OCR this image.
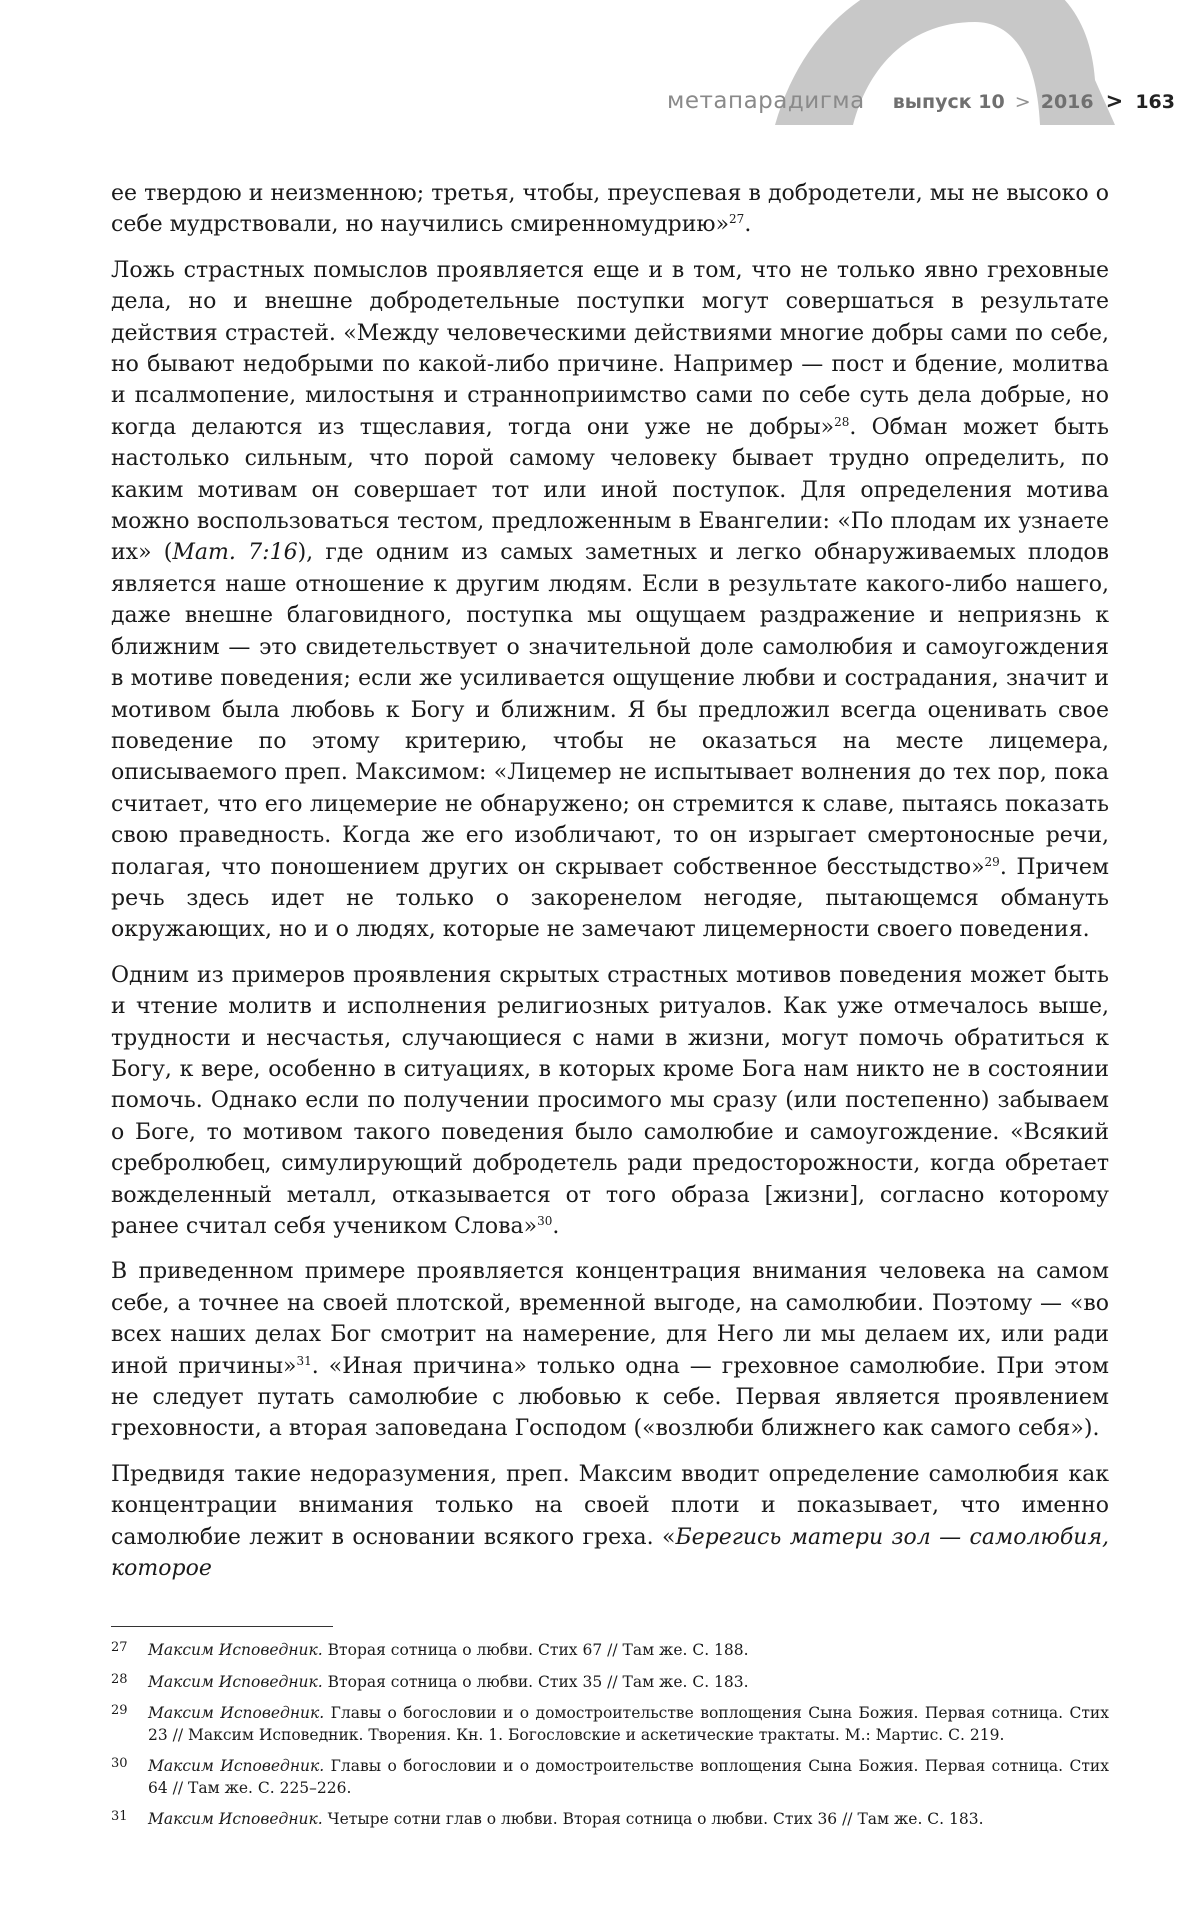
метапарадигма выпуск 10 > 2016 > 163

ее твердою и неизменною; третья, чтобы, преуспевая в добродетели, мы не высоко о себе мудрствовали, но научились смиренномудрию»$^{27}$.

Ложь страстных помыслов проявляется еще и в том, что не только явно греховные дела, но и внешне добродетельные поступки могут совершаться в результате действия страстей. «Между человеческими действиями многие добры сами по себе, но бывают недобрыми по какой-либо причине. Например — пост и бдение, молитва и псалмопение, милостыня и странноприимство сами по себе суть дела добрые, но когда делаются из тщеславия, тогда они уже не добры»$^{28}$. Обман может быть настолько сильным, что порой самому человеку бывает трудно определить, по каким мотивам он совершает тот или иной поступок. Для определения мотива можно воспользоваться тестом, предложенным в Евангелии: «По плодам их узнаете их» (Мат. 7:16), где одним из самых заметных и легко обнаруживаемых плодов является наше отношение к другим людям. Если в результате какого-либо нашего, даже внешне благовидного, поступка мы ощущаем раздражение и неприязнь к ближним — это свидетельствует о значительной доле самолюбия и самоугождения в мотиве поведения; если же усиливается ощущение любви и сострадания, значит и мотивом была любовь к Богу и ближним. Я бы предложил всегда оценивать свое поведение по этому критерию, чтобы не оказаться на месте лицемера, описываемого преп. Максимом: «Лицемер не испытывает волнения до тех пор, пока считает, что его лицемерие не обнаружено; он стремится к славе, пытаясь показать свою праведность. Когда же его изобличают, то он изрыгает смертоносные речи, полагая, что поношением других он скрывает собственное бесстыдство»$^{29}$. Причем речь здесь идет не только о закоренелом негодяе, пытающемся обмануть окружающих, но и о людях, которые не замечают лицемерности своего поведения.

Одним из примеров проявления скрытых страстных мотивов поведения может быть и чтение молитв и исполнения религиозных ритуалов. Как уже отмечалось выше, трудности и несчастья, случающиеся с нами в жизни, могут помочь обратиться к Богу, к вере, особенно в ситуациях, в которых кроме Бога нам никто не в состоянии помочь. Однако если по получении просимого мы сразу (или постепенно) забываем о Боге, то мотивом такого поведения было самолюбие и самоугождение. «Всякий сребролюбец, симулирующий добродетель ради предосторожности, когда обретает вожделенный металл, отказывается от того образа [жизни], согласно которому ранее считал себя учеником Слова»$^{30}$.

В приведенном примере проявляется концентрация внимания человека на самом себе, а точнее на своей плотской, временной выгоде, на самолюбии. Поэтому — «во всех наших делах Бог смотрит на намерение, для Него ли мы делаем их, или ради иной причины»$^{31}$. «Иная причина» только одна — греховное самолюбие. При этом не следует путать самолюбие с любовью к себе. Первая является проявлением греховности, а вторая заповедана Господом («возлюби ближнего как самого себя»).

Предвидя такие недоразумения, преп. Максим вводит определение самолюбия как концентрации внимания только на своей плоти и показывает, что именно самолюбие лежит в основании всякого греха. «Берегись матери зол — самолюбия, которое

27	Максим Исповедник. Вторая сотница о любви. Стих 67 // Там же. С. 188.
28	Максим Исповедник. Вторая сотница о любви. Стих 35 // Там же. С. 183.
29	Максим Исповедник. Главы о богословии и о домостроительстве воплощения Сына Божия. Первая сотница. Стих 23 // Максим Исповедник. Творения. Кн. 1. Богословские и аскетические трактаты. М.: Мартис. С. 219.
30	Максим Исповедник. Главы о богословии и о домостроительстве воплощения Сына Божия. Первая сотница. Стих 64 // Там же. С. 225–226.
31	Максим Исповедник. Четыре сотни глав о любви. Вторая сотница о любви. Стих 36 // Там же. С. 183.
